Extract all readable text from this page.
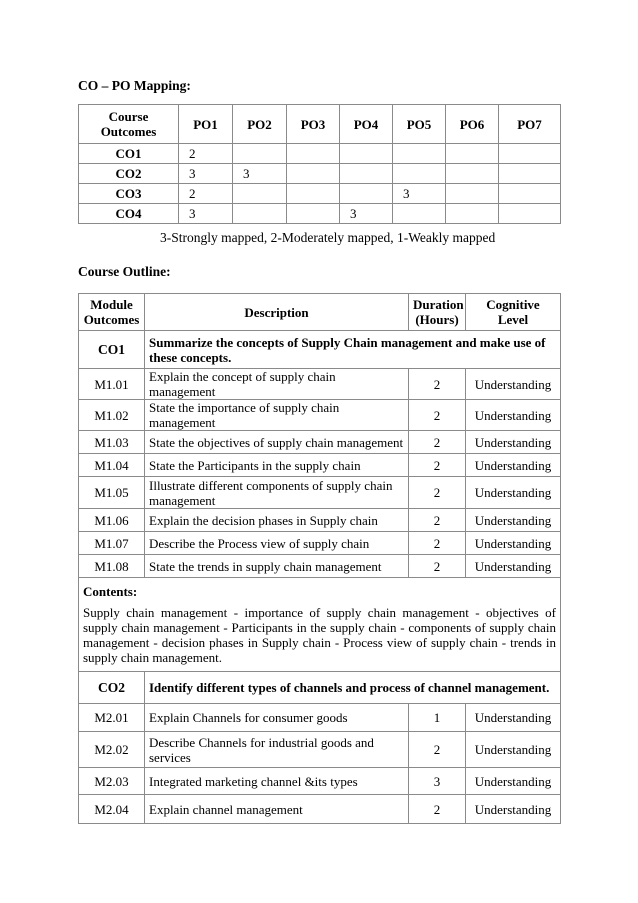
CO – PO Mapping:
Course Outcomes	PO1	PO2	PO3	PO4	PO5	PO6	PO7
CO1	2						
CO2	3	3					
CO3	2				3		
CO4	3			3			
3-Strongly mapped, 2-Moderately mapped, 1-Weakly mapped
Course Outline:
Module Outcomes	Description	Duration (Hours)	Cognitive Level
CO1	Summarize the concepts of Supply Chain management and make use of these concepts.		
M1.01	Explain the concept of supply chain management	2	Understanding
M1.02	State the importance of supply chain management	2	Understanding
M1.03	State the objectives of supply chain management	2	Understanding
M1.04	State the Participants in the supply chain	2	Understanding
M1.05	Illustrate different components of supply chain management	2	Understanding
M1.06	Explain the decision phases in Supply chain	2	Understanding
M1.07	Describe the Process view of supply chain	2	Understanding
M1.08	State the trends in supply chain management	2	Understanding

Contents:
Supply chain management - importance of supply chain management - objectives of supply chain management - Participants in the supply chain - components of supply chain management - decision phases in Supply chain - Process view of supply chain - trends in supply chain management.			

CO2	Identify different types of channels and process of channel management.		
M2.01	Explain Channels for consumer goods	1	Understanding
M2.02	Describe Channels for industrial goods and services	2	Understanding
M2.03	Integrated marketing channel &its types	3	Understanding
M2.04	Explain channel management	2	Understanding
